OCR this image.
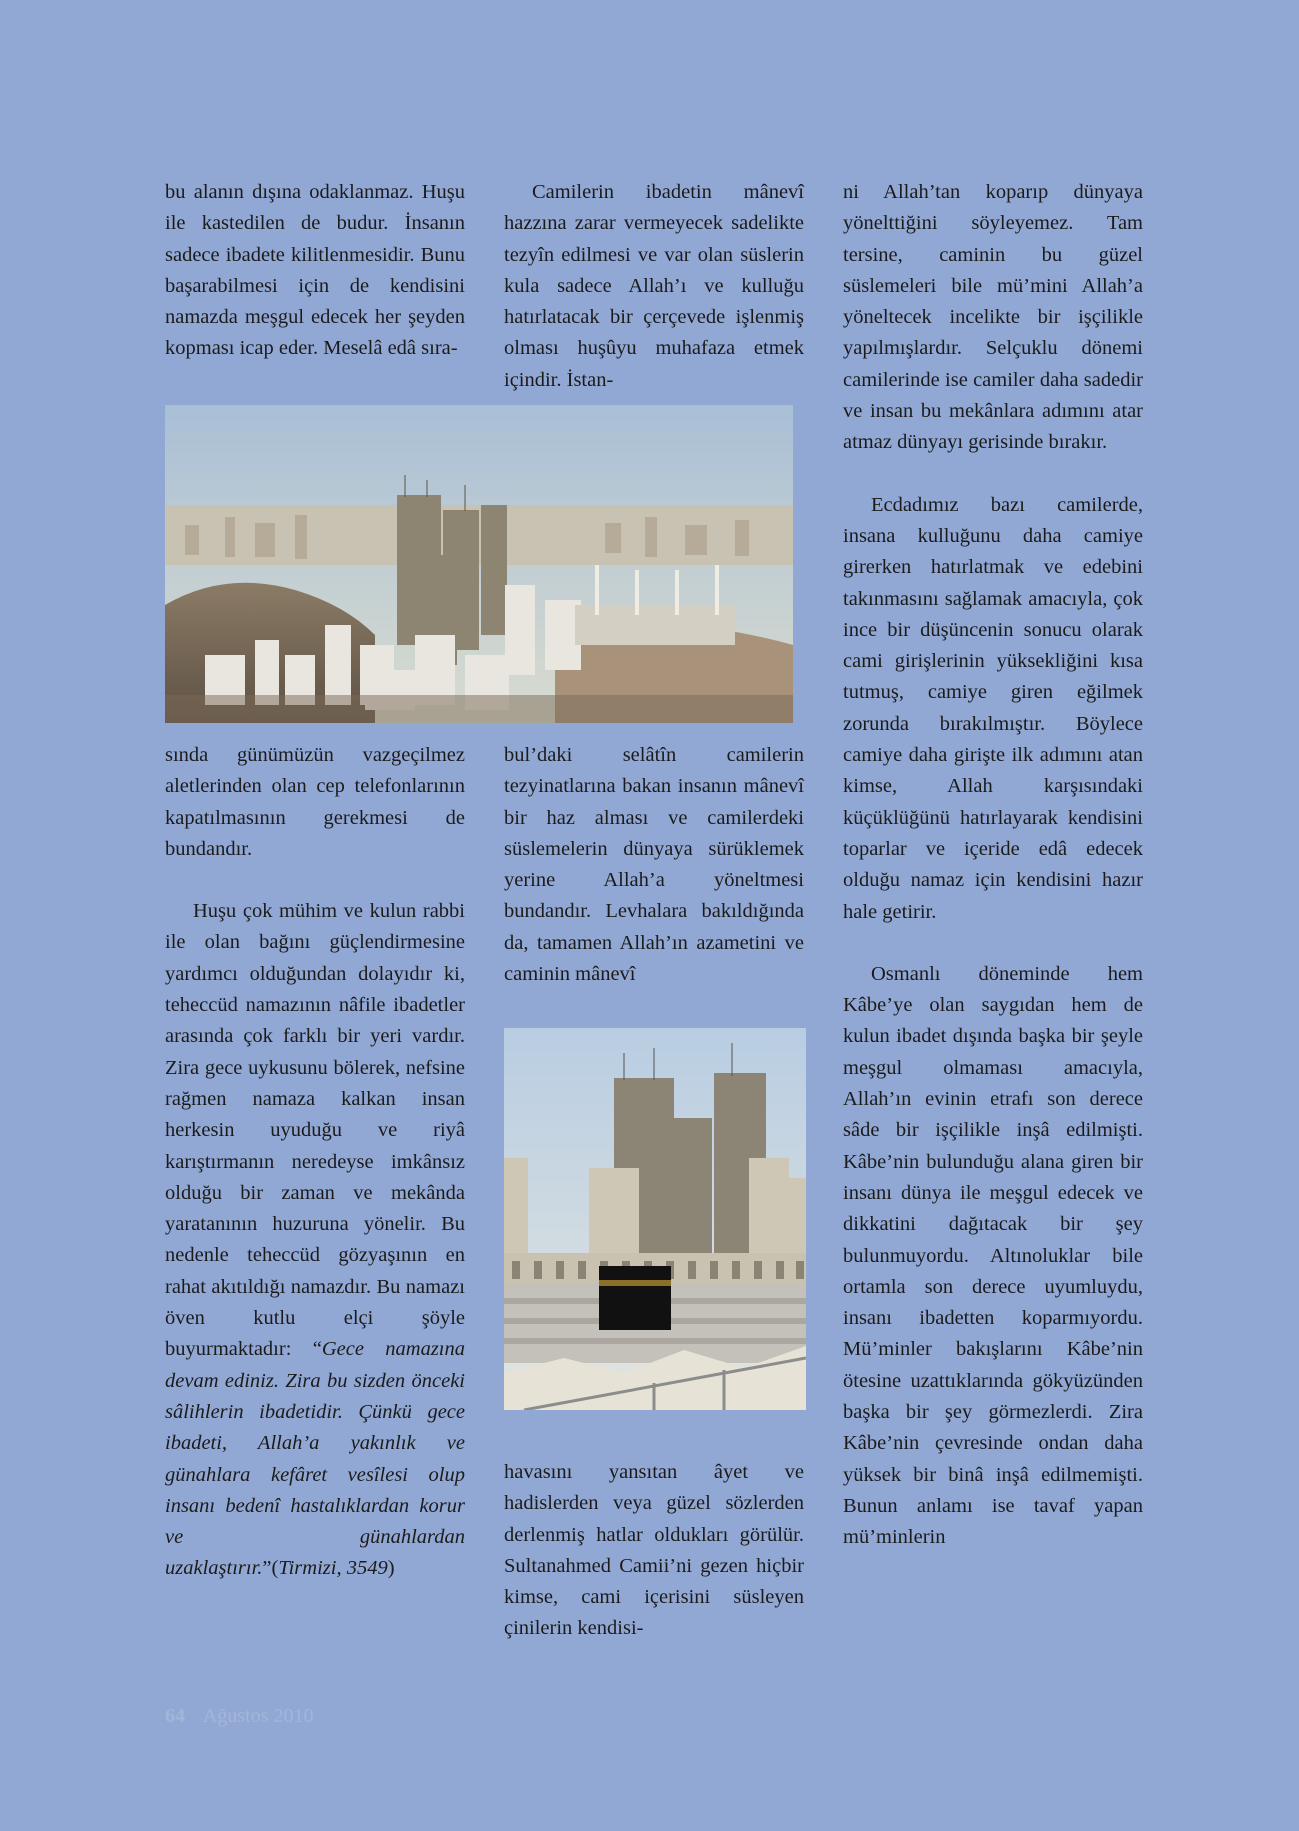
bu alanın dışına odaklanmaz. Huşu ile kastedilen de budur. İnsanın sadece ibadete kilitlenmesidir. Bunu başarabilmesi için de kendisini namazda meşgul edecek her şeyden kopması icap eder. Meselâ edâ sıra-

sında günümüzün vazgeçilmez aletlerinden olan cep telefonlarının kapatılmasının gerekmesi de bundandır.

Huşu çok mühim ve kulun rabbi ile olan bağını güçlendirmesine yardımcı olduğundan dolayıdır ki, teheccüd namazının nâfile ibadetler arasında çok farklı bir yeri vardır. Zira gece uykusunu bölerek, nefsine rağmen namaza kalkan insan herkesin uyuduğu ve riyâ karıştırmanın neredeyse imkânsız olduğu bir zaman ve mekânda yaratanının huzuruna yönelir. Bu nedenle teheccüd gözyaşının en rahat akıtıldığı namazdır. Bu namazı öven kutlu elçi şöyle buyurmaktadır: “Gece namazına devam ediniz. Zira bu sizden önceki sâlihlerin ibadetidir. Çünkü gece ibadeti, Allah’a yakınlık ve günahlara kefâret vesîlesi olup insanı bedenî hastalıklardan korur ve günahlardan uzaklaştırır.”(Tirmizi, 3549)

Camilerin ibadetin mânevî hazzına zarar vermeyecek sadelikte tezyîn edilmesi ve var olan süslerin kula sadece Allah’ı ve kulluğu hatırlatacak bir çerçevede işlenmiş olması huşûyu muhafaza etmek içindir. İstan-

bul’daki selâtîn camilerin tezyinatlarına bakan insanın mânevî bir haz alması ve camilerdeki süslemelerin dünyaya sürüklemek yerine Allah’a yöneltmesi bundandır. Levhalara bakıldığında da, tamamen Allah’ın azametini ve caminin mânevî

havasını yansıtan âyet ve hadislerden veya güzel sözlerden derlenmiş hatlar oldukları görülür. Sultanahmed Camii’ni gezen hiçbir kimse, cami içerisini süsleyen çinilerin kendisi-

ni Allah’tan koparıp dünyaya yönelttiğini söyleyemez. Tam tersine, caminin bu güzel süslemeleri bile mü’mini Allah’a yöneltecek incelikte bir işçilikle yapılmışlardır. Selçuklu dönemi camilerinde ise camiler daha sadedir ve insan bu mekânlara adımını atar atmaz dünyayı gerisinde bırakır.

Ecdadımız bazı camilerde, insana kulluğunu daha camiye girerken hatırlatmak ve edebini takınmasını sağlamak amacıyla, çok ince bir düşüncenin sonucu olarak cami girişlerinin yüksekliğini kısa tutmuş, camiye giren eğilmek zorunda bırakılmıştır. Böylece camiye daha girişte ilk adımını atan kimse, Allah karşısındaki küçüklüğünü hatırlayarak kendisini toparlar ve içeride edâ edecek olduğu namaz için kendisini hazır hale getirir.

Osmanlı döneminde hem Kâbe’ye olan saygıdan hem de kulun ibadet dışında başka bir şeyle meşgul olmaması amacıyla, Allah’ın evinin etrafı son derece sâde bir işçilikle inşâ edilmişti. Kâbe’nin bulunduğu alana giren bir insanı dünya ile meşgul edecek ve dikkatini dağıtacak bir şey bulunmuyordu. Altınoluklar bile ortamla son derece uyumluydu, insanı ibadetten koparmıyordu. Mü’minler bakışlarını Kâbe’nin ötesine uzattıklarında gökyüzünden başka bir şey görmezlerdi. Zira Kâbe’nin çevresinde ondan daha yüksek bir binâ inşâ edilmemişti. Bunun anlamı ise tavaf yapan mü’minlerin

64 Ağustos 2010
